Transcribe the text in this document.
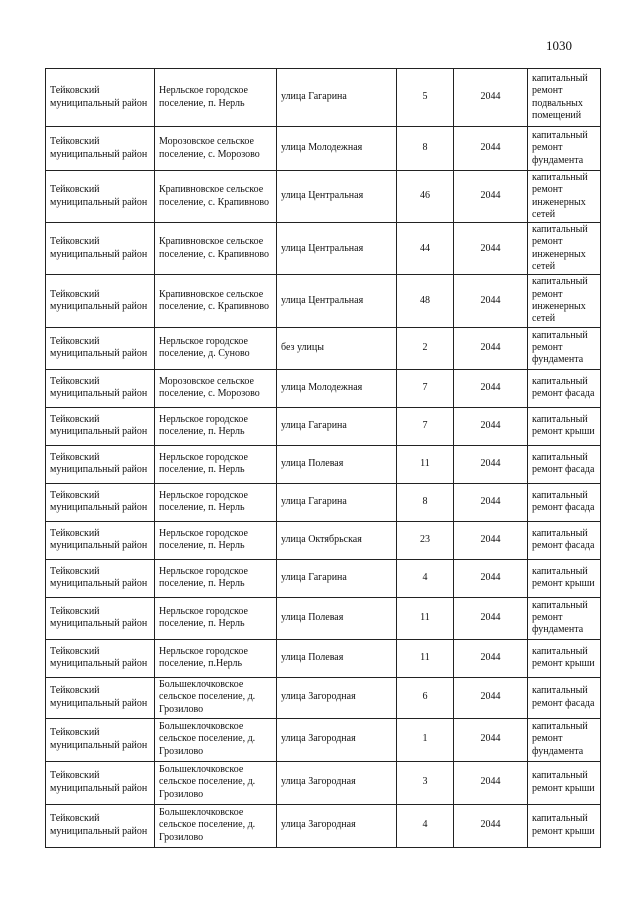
1030
Тейковский муниципальный район	Нерльское городское поселение, п. Нерль	улица Гагарина	5	2044	капитальный ремонт подвальных помещений
Тейковский муниципальный район	Морозовское сельское поселение, с. Морозово	улица Молодежная	8	2044	капитальный ремонт фундамента
Тейковский муниципальный район	Крапивновское сельское поселение, с. Крапивново	улица Центральная	46	2044	капитальный ремонт инженерных сетей
Тейковский муниципальный район	Крапивновское сельское поселение, с. Крапивново	улица Центральная	44	2044	капитальный ремонт инженерных сетей
Тейковский муниципальный район	Крапивновское сельское поселение, с. Крапивново	улица Центральная	48	2044	капитальный ремонт инженерных сетей
Тейковский муниципальный район	Нерльское городское поселение, д. Суново	без улицы	2	2044	капитальный ремонт фундамента
Тейковский муниципальный район	Морозовское сельское поселение, с. Морозово	улица Молодежная	7	2044	капитальный ремонт фасада
Тейковский муниципальный район	Нерльское городское поселение, п. Нерль	улица Гагарина	7	2044	капитальный ремонт крыши
Тейковский муниципальный район	Нерльское городское поселение, п. Нерль	улица Полевая	11	2044	капитальный ремонт фасада
Тейковский муниципальный район	Нерльское городское поселение, п. Нерль	улица Гагарина	8	2044	капитальный ремонт фасада
Тейковский муниципальный район	Нерльское городское поселение, п. Нерль	улица Октябрьская	23	2044	капитальный ремонт фасада
Тейковский муниципальный район	Нерльское городское поселение, п. Нерль	улица Гагарина	4	2044	капитальный ремонт крыши
Тейковский муниципальный район	Нерльское городское поселение, п. Нерль	улица Полевая	11	2044	капитальный ремонт фундамента
Тейковский муниципальный район	Нерльское городское поселение, п.Нерль	улица Полевая	11	2044	капитальный ремонт крыши
Тейковский муниципальный район	Большеклочковское сельское поселение, д. Грозилово	улица Загородная	6	2044	капитальный ремонт фасада
Тейковский муниципальный район	Большеклочковское сельское поселение, д. Грозилово	улица Загородная	1	2044	капитальный ремонт фундамента
Тейковский муниципальный район	Большеклочковское сельское поселение, д. Грозилово	улица Загородная	3	2044	капитальный ремонт крыши
Тейковский муниципальный район	Большеклочковское сельское поселение, д. Грозилово	улица Загородная	4	2044	капитальный ремонт крыши
